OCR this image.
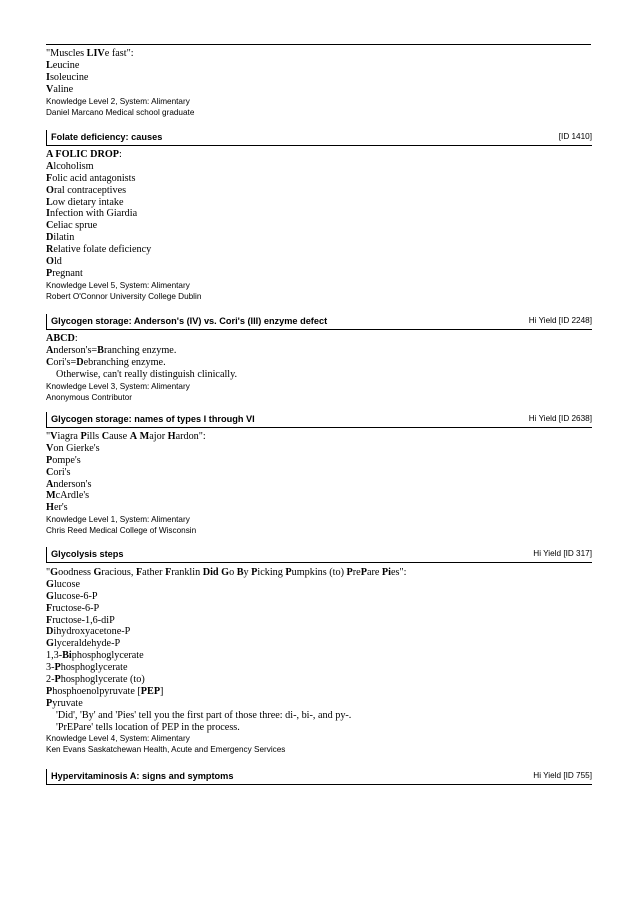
"Muscles LIVe fast":
Leucine
Isoleucine
Valine
Knowledge Level 2, System: Alimentary
Daniel Marcano Medical school graduate
Folate deficiency: causes	[ID 1410]
A FOLIC DROP:
Alcoholism
Folic acid antagonists
Oral contraceptives
Low dietary intake
Infection with Giardia
Celiac sprue
Dilatin
Relative folate deficiency
Old
Pregnant
Knowledge Level 5, System: Alimentary
Robert O'Connor University College Dublin
Glycogen storage: Anderson's (IV) vs. Cori's (III) enzyme defect	Hi Yield [ID 2248]
ABCD:
Anderson's=Branching enzyme.
Cori's=Debranching enzyme.
Otherwise, can't really distinguish clinically.
Knowledge Level 3, System: Alimentary
Anonymous Contributor
Glycogen storage: names of types I through VI	Hi Yield [ID 2638]
"Viagra Pills Cause A Major Hardon":
Von Gierke's
Pompe's
Cori's
Anderson's
McArdle's
Her's
Knowledge Level 1, System: Alimentary
Chris Reed Medical College of Wisconsin
Glycolysis steps	Hi Yield [ID 317]
"Goodness Gracious, Father Franklin Did Go By Picking Pumpkins (to) PrePare Pies":
Glucose
Glucose-6-P
Fructose-6-P
Fructose-1,6-diP
Dihydroxyacetone-P
Glyceraldehyde-P
1,3-Biphosphoglycerate
3-Phosphoglycerate
2-Phosphoglycerate (to)
Phosphoenolpyruvate [PEP]
Pyruvate
'Did', 'By' and 'Pies' tell you the first part of those three: di-, bi-, and py-.
'PrEPare' tells location of PEP in the process.
Knowledge Level 4, System: Alimentary
Ken Evans Saskatchewan Health, Acute and Emergency Services
Hypervitaminosis A: signs and symptoms	Hi Yield [ID 755]
